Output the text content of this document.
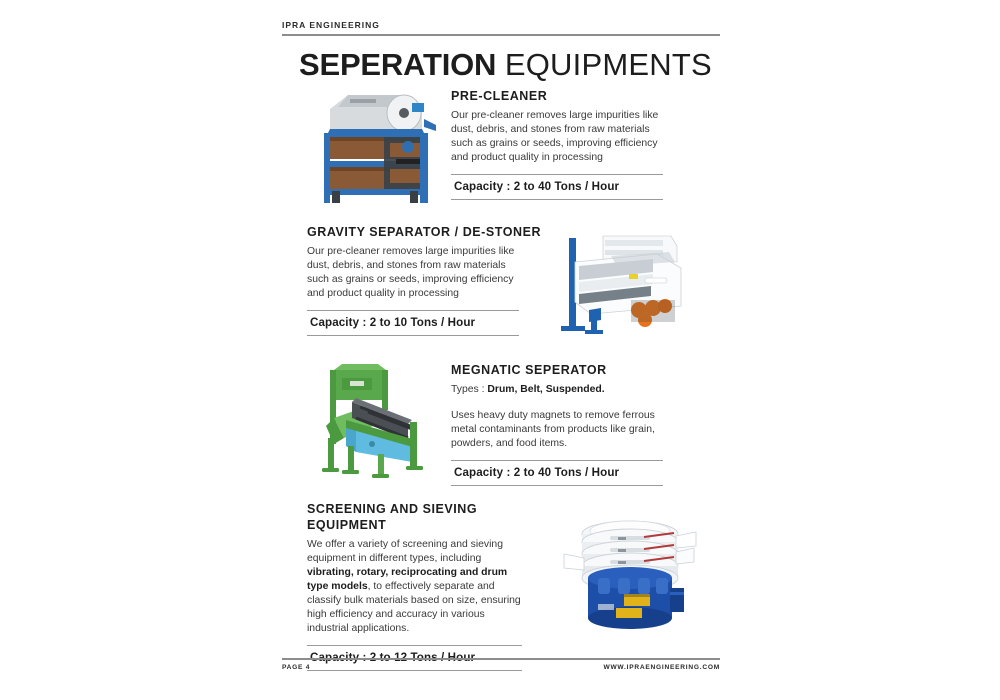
IPRA ENGINEERING
SEPERATION EQUIPMENTS
PRE-CLEANER
Our pre-cleaner removes large impurities like dust, debris, and stones from raw materials such as grains or seeds, improving efficiency and product quality in processing
Capacity : 2 to 40 Tons / Hour
GRAVITY SEPARATOR / DE-STONER
Our pre-cleaner removes large impurities like dust, debris, and stones from raw materials such as grains or seeds, improving efficiency and product quality in processing
Capacity : 2 to 10 Tons / Hour
MEGNATIC SEPERATOR
Types : Drum, Belt, Suspended.
Uses heavy duty magnets to remove ferrous metal contaminants from products like grain, powders, and food items.
Capacity : 2 to 40 Tons / Hour
SCREENING AND SIEVING
EQUIPMENT
We offer a variety of screening and sieving equipment in different types, including vibrating, rotary, reciprocating and drum type models, to effectively separate and classify bulk materials based on size, ensuring high efficiency and accuracy in various industrial applications.
PAGE 4	WWW.IPRAENGINEERING.COM
